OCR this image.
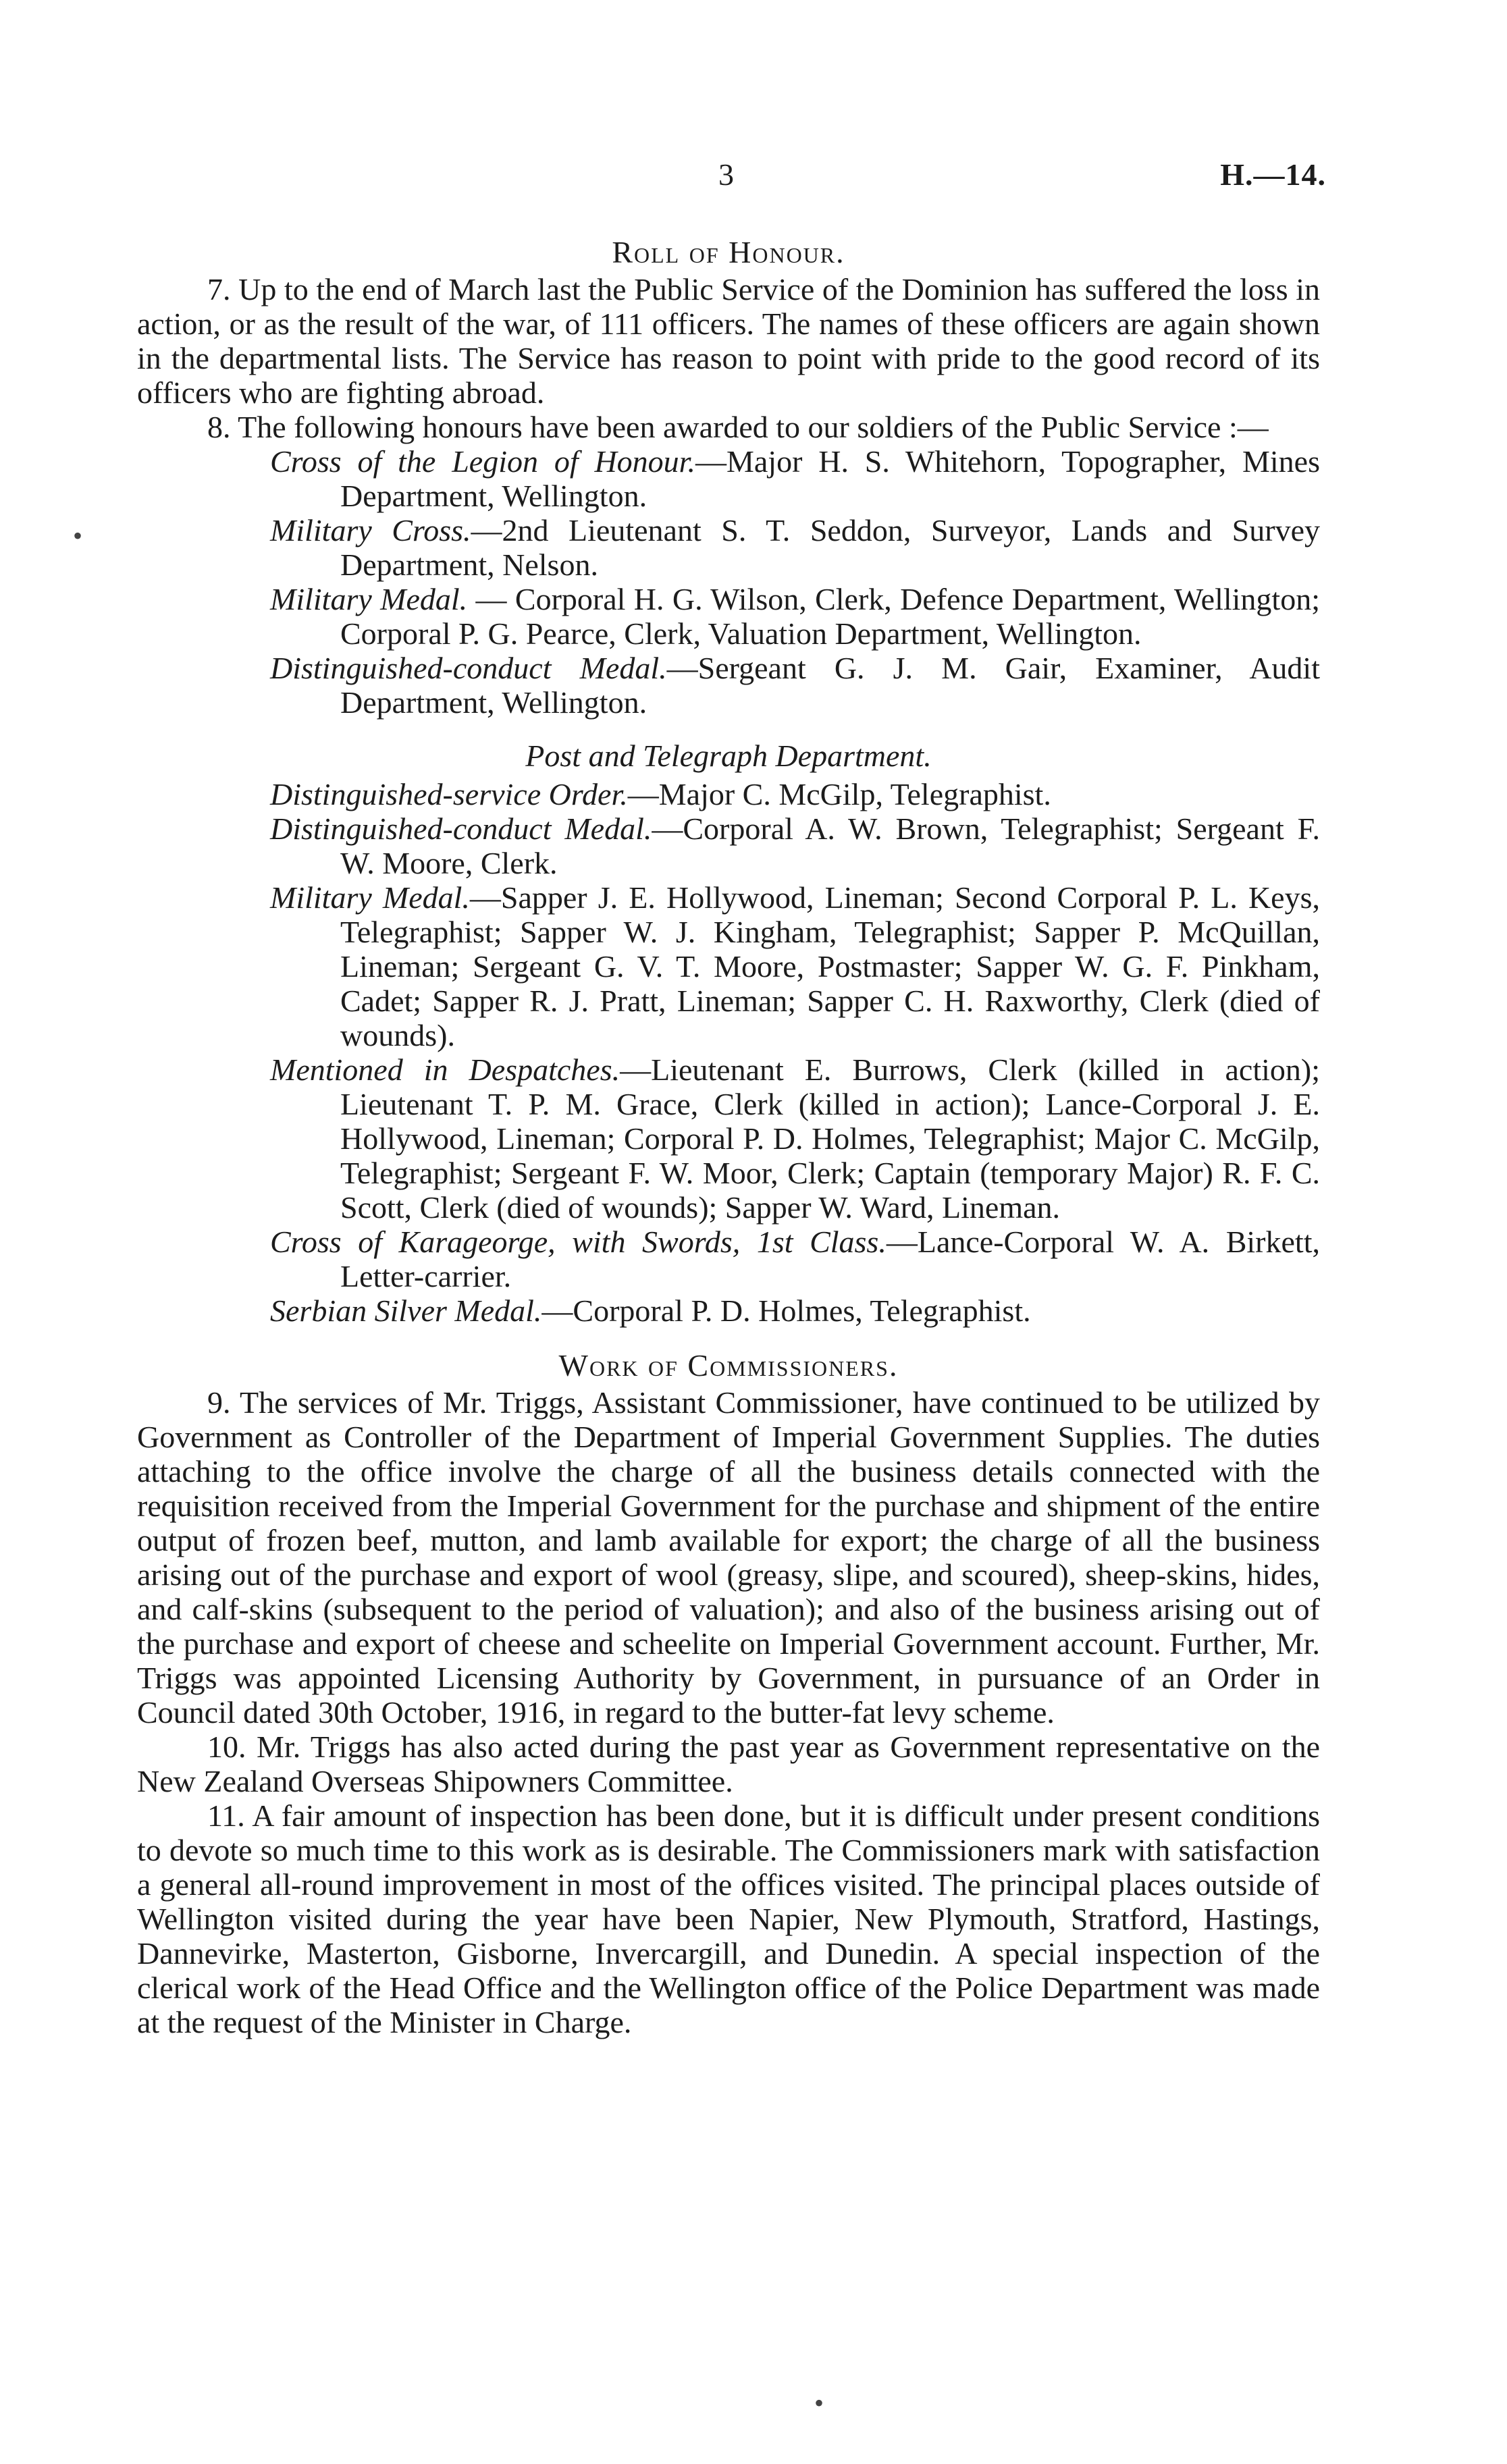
3	H.—14.
•

Roll of Honour.

7. Up to the end of March last the Public Service of the Dominion has suffered the loss in action, or as the result of the war, of 111 officers. The names of these officers are again shown in the departmental lists. The Service has reason to point with pride to the good record of its officers who are fighting abroad.

8. The following honours have been awarded to our soldiers of the Public Service :—

Cross of the Legion of Honour.—Major H. S. Whitehorn, Topographer, Mines Department, Wellington.

Military Cross.—2nd Lieutenant S. T. Seddon, Surveyor, Lands and Survey Department, Nelson.

Military Medal. — Corporal H. G. Wilson, Clerk, Defence Department, Wellington; Corporal P. G. Pearce, Clerk, Valuation Department, Wellington.

Distinguished-conduct Medal.—Sergeant G. J. M. Gair, Examiner, Audit Department, Wellington.

Post and Telegraph Department.

Distinguished-service Order.—Major C. McGilp, Telegraphist.

Distinguished-conduct Medal.—Corporal A. W. Brown, Telegraphist; Sergeant F. W. Moore, Clerk.

Military Medal.—Sapper J. E. Hollywood, Lineman; Second Corporal P. L. Keys, Telegraphist; Sapper W. J. Kingham, Telegraphist; Sapper P. McQuillan, Lineman; Sergeant G. V. T. Moore, Postmaster; Sapper W. G. F. Pinkham, Cadet; Sapper R. J. Pratt, Lineman; Sapper C. H. Raxworthy, Clerk (died of wounds).

Mentioned in Despatches.—Lieutenant E. Burrows, Clerk (killed in action); Lieutenant T. P. M. Grace, Clerk (killed in action); Lance-Corporal J. E. Hollywood, Lineman; Corporal P. D. Holmes, Telegraphist; Major C. McGilp, Telegraphist; Sergeant F. W. Moor, Clerk; Captain (temporary Major) R. F. C. Scott, Clerk (died of wounds); Sapper W. Ward, Lineman.

Cross of Karageorge, with Swords, 1st Class.—Lance-Corporal W. A. Birkett, Letter-carrier.

Serbian Silver Medal.—Corporal P. D. Holmes, Telegraphist.

Work of Commissioners.

9. The services of Mr. Triggs, Assistant Commissioner, have continued to be utilized by Government as Controller of the Department of Imperial Government Supplies. The duties attaching to the office involve the charge of all the business details connected with the requisition received from the Imperial Government for the purchase and shipment of the entire output of frozen beef, mutton, and lamb available for export; the charge of all the business arising out of the purchase and export of wool (greasy, slipe, and scoured), sheep-skins, hides, and calf-skins (subsequent to the period of valuation); and also of the business arising out of the purchase and export of cheese and scheelite on Imperial Government account. Further, Mr. Triggs was appointed Licensing Authority by Government, in pursuance of an Order in Council dated 30th October, 1916, in regard to the butter-fat levy scheme.

10. Mr. Triggs has also acted during the past year as Government representative on the New Zealand Overseas Shipowners Committee.

11. A fair amount of inspection has been done, but it is difficult under present conditions to devote so much time to this work as is desirable. The Commissioners mark with satisfaction a general all-round improvement in most of the offices visited. The principal places outside of Wellington visited during the year have been Napier, New Plymouth, Stratford, Hastings, Dannevirke, Masterton, Gisborne, Invercargill, and Dunedin. A special inspection of the clerical work of the Head Office and the Wellington office of the Police Department was made at the request of the Minister in Charge.

•
